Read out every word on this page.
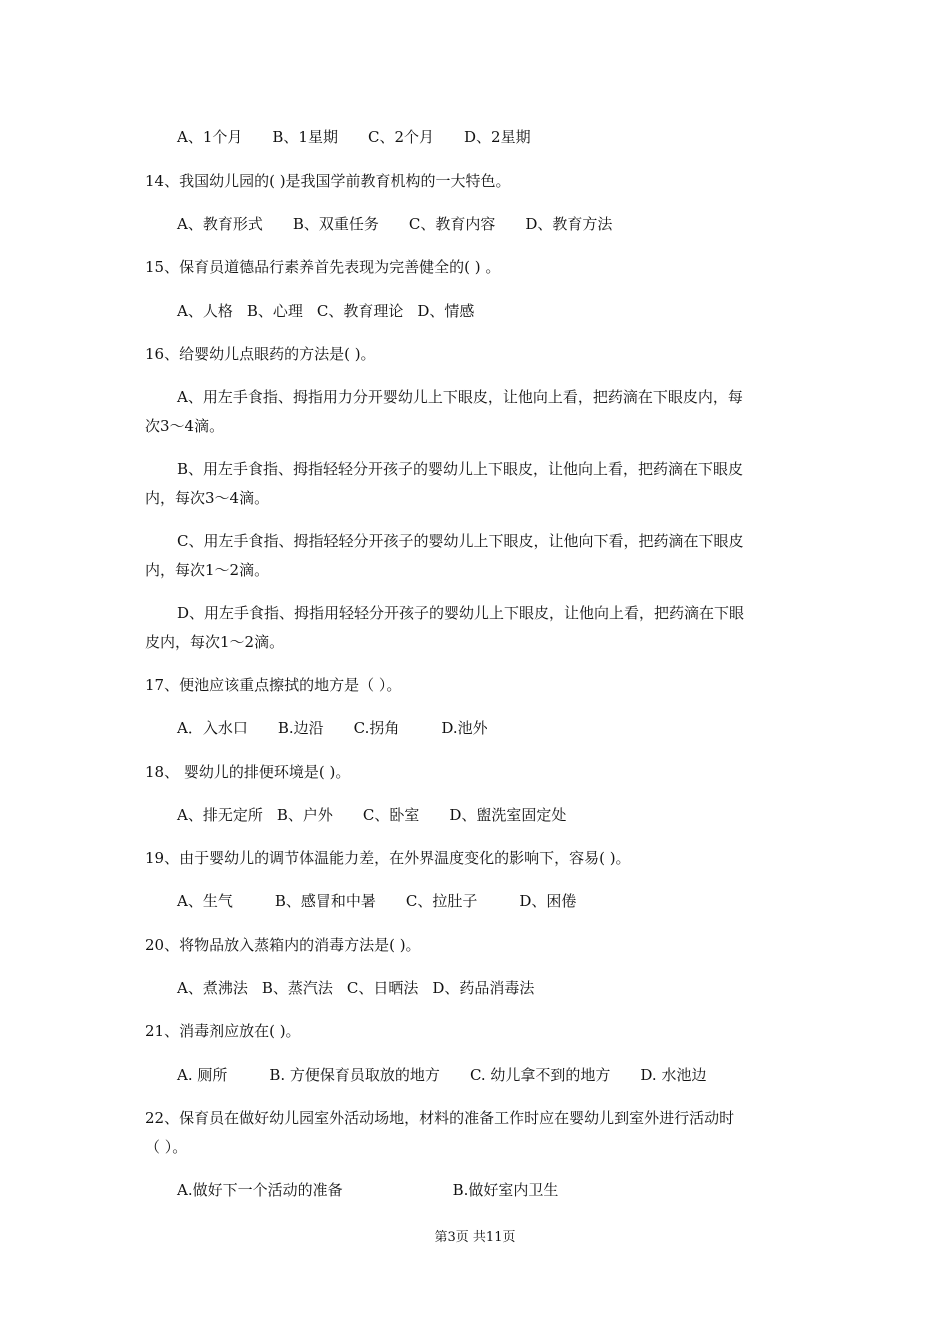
A、1个月 B、1星期 C、2个月 D、2星期
14、我国幼儿园的( )是我国学前教育机构的一大特色。
A、教育形式 B、双重任务 C、教育内容 D、教育方法
15、保育员道德品行素养首先表现为完善健全的( ) 。
A、人格 B、心理 C、教育理论 D、情感
16、给婴幼儿点眼药的方法是( )。
A、用左手食指、拇指用力分开婴幼儿上下眼皮，让他向上看，把药滴在下眼皮内，每
次3～4滴。
B、用左手食指、拇指轻轻分开孩子的婴幼儿上下眼皮，让他向上看，把药滴在下眼皮
内，每次3～4滴。
C、用左手食指、拇指轻轻分开孩子的婴幼儿上下眼皮，让他向下看，把药滴在下眼皮
内，每次1～2滴。
D、用左手食指、拇指用轻轻分开孩子的婴幼儿上下眼皮，让他向上看，把药滴在下眼
皮内，每次1～2滴。
17、便池应该重点擦拭的地方是（ ）。
A．入水口 B.边沿 C.拐角	D.池外
18、 婴幼儿的排便环境是( )。
A、排无定所 B、户外 C、卧室 D、盥洗室固定处
19、由于婴幼儿的调节体温能力差，在外界温度变化的影响下，容易( )。
A、生气	B、感冒和中暑 C、拉肚子	D、困倦
20、将物品放入蒸箱内的消毒方法是( )。
A、煮沸法 B、蒸汽法 C、日晒法 D、药品消毒法
21、消毒剂应放在( )。
A. 厕所	B. 方便保育员取放的地方 C. 幼儿拿不到的地方 D. 水池边
22、保育员在做好幼儿园室外活动场地，材料的准备工作时应在婴幼儿到室外进行活动时
（ ）。
A.做好下一个活动的准备	B.做好室内卫生
第3页 共11页
